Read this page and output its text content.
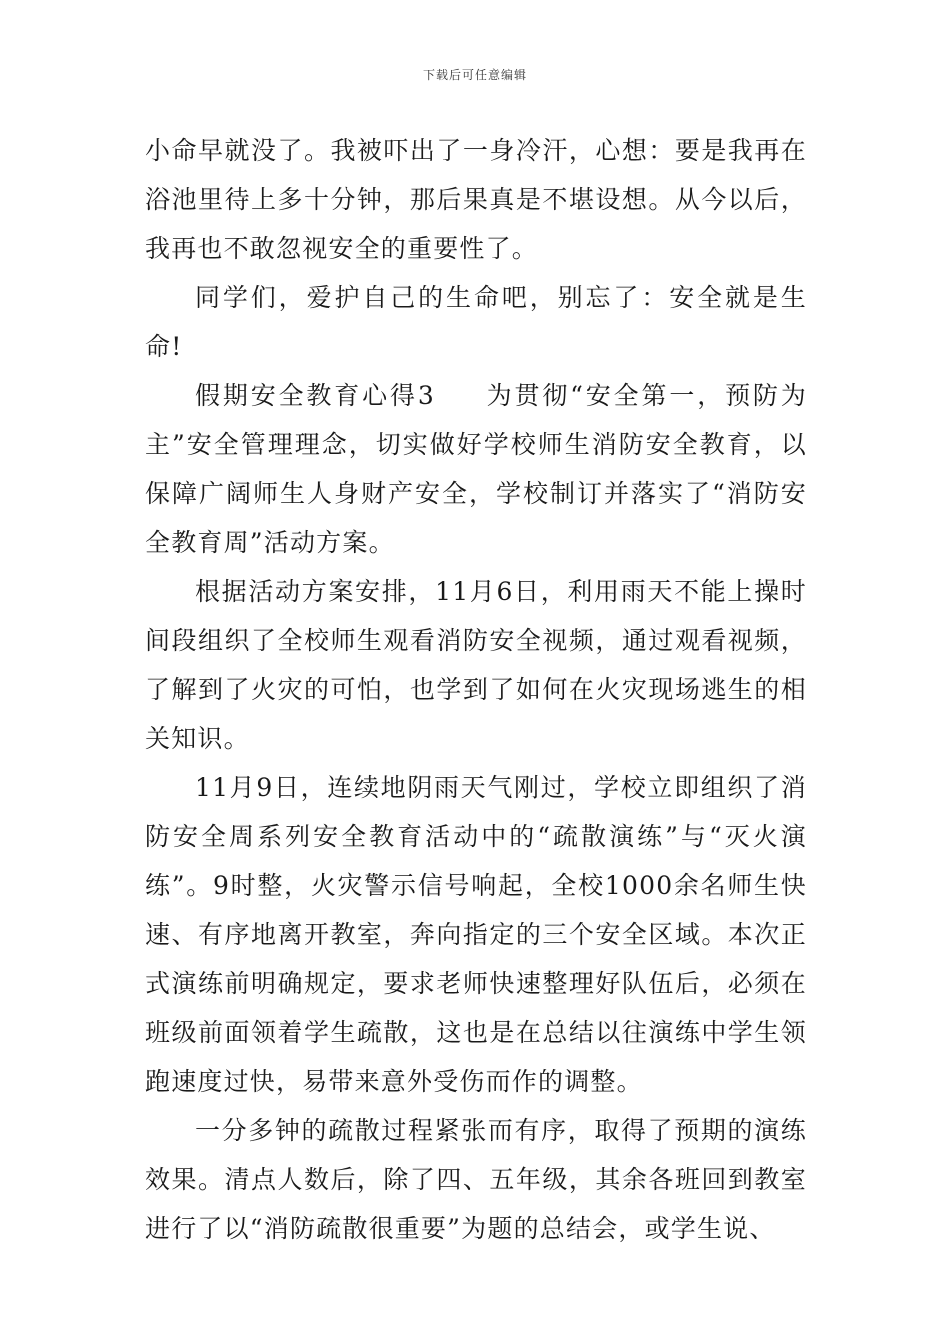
下载后可任意编辑

小命早就没了。我被吓出了一身冷汗，心想：要是我再在浴池里待上多十分钟，那后果真是不堪设想。从今以后，我再也不敢忽视安全的重要性了。

同学们，爱护自己的生命吧，别忘了：安全就是生命!

假期安全教育心得3 为贯彻“安全第一，预防为主”安全管理理念，切实做好学校师生消防安全教育，以保障广阔师生人身财产安全，学校制订并落实了“消防安全教育周”活动方案。

根据活动方案安排，11月6日，利用雨天不能上操时间段组织了全校师生观看消防安全视频，通过观看视频，了解到了火灾的可怕，也学到了如何在火灾现场逃生的相关知识。

11月9日，连续地阴雨天气刚过，学校立即组织了消防安全周系列安全教育活动中的“疏散演练”与“灭火演练”。9时整，火灾警示信号响起，全校1000余名师生快速、有序地离开教室，奔向指定的三个安全区域。本次正式演练前明确规定，要求老师快速整理好队伍后，必须在班级前面领着学生疏散，这也是在总结以往演练中学生领跑速度过快，易带来意外受伤而作的调整。

一分多钟的疏散过程紧张而有序，取得了预期的演练效果。清点人数后，除了四、五年级，其余各班回到教室进行了以“消防疏散很重要”为题的总结会，或学生说、
